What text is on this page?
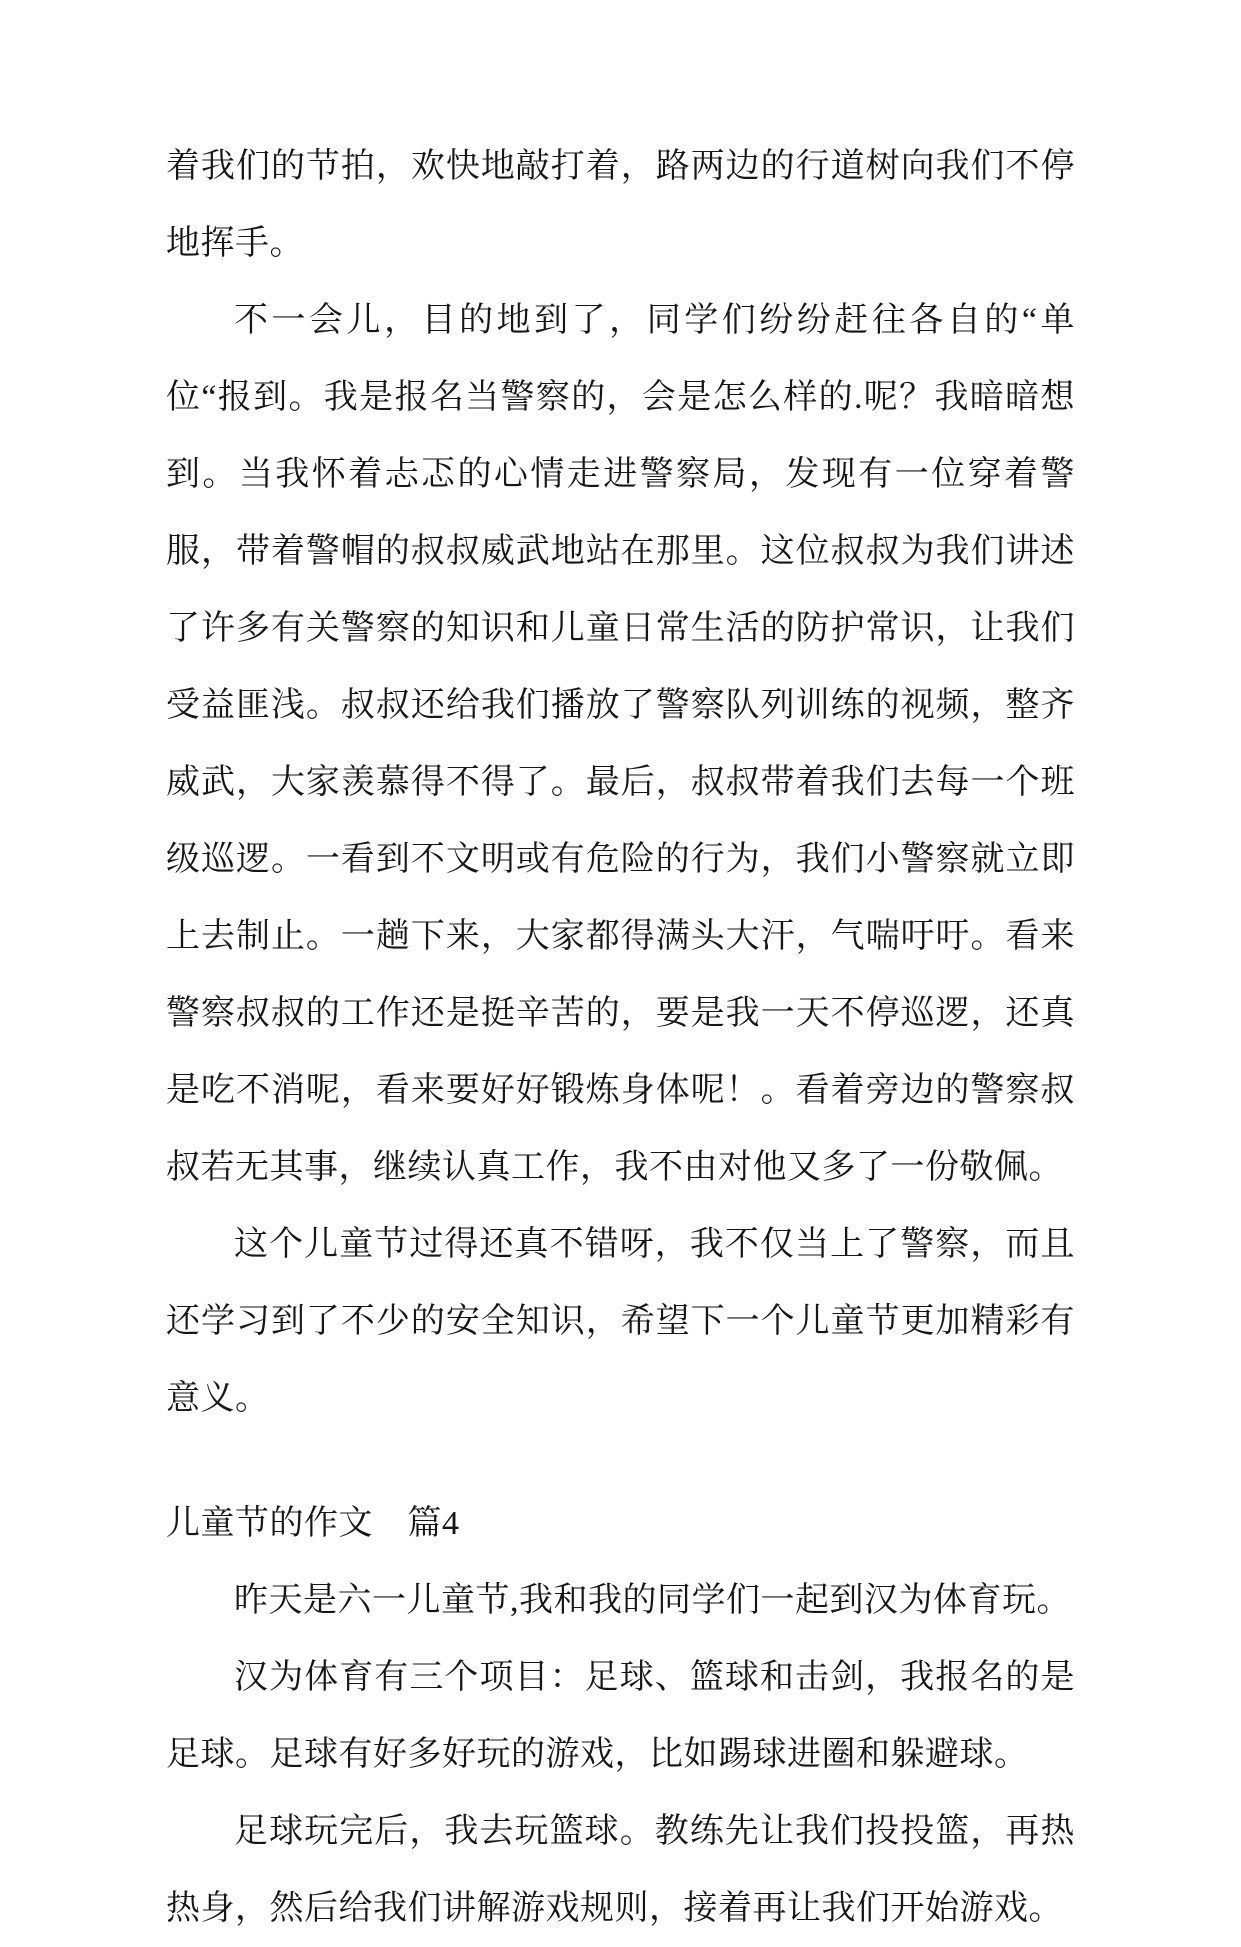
着我们的节拍，欢快地敲打着，路两边的行道树向我们不停地挥手。

不一会儿，目的地到了，同学们纷纷赶往各自的“单位“报到。我是报名当警察的，会是怎么样的.呢？我暗暗想到。当我怀着忐忑的心情走进警察局，发现有一位穿着警服，带着警帽的叔叔威武地站在那里。这位叔叔为我们讲述了许多有关警察的知识和儿童日常生活的防护常识，让我们受益匪浅。叔叔还给我们播放了警察队列训练的视频，整齐威武，大家羡慕得不得了。最后，叔叔带着我们去每一个班级巡逻。一看到不文明或有危险的行为，我们小警察就立即上去制止。一趟下来，大家都得满头大汗，气喘吁吁。看来警察叔叔的工作还是挺辛苦的，要是我一天不停巡逻，还真是吃不消呢，看来要好好锻炼身体呢！。看着旁边的警察叔叔若无其事，继续认真工作，我不由对他又多了一份敬佩。

这个儿童节过得还真不错呀，我不仅当上了警察，而且还学习到了不少的安全知识，希望下一个儿童节更加精彩有意义。

儿童节的作文　篇4

昨天是六一儿童节,我和我的同学们一起到汉为体育玩。

汉为体育有三个项目：足球、篮球和击剑，我报名的是足球。足球有好多好玩的游戏，比如踢球进圈和躲避球。

足球玩完后，我去玩篮球。教练先让我们投投篮，再热热身，然后给我们讲解游戏规则，接着再让我们开始游戏。
